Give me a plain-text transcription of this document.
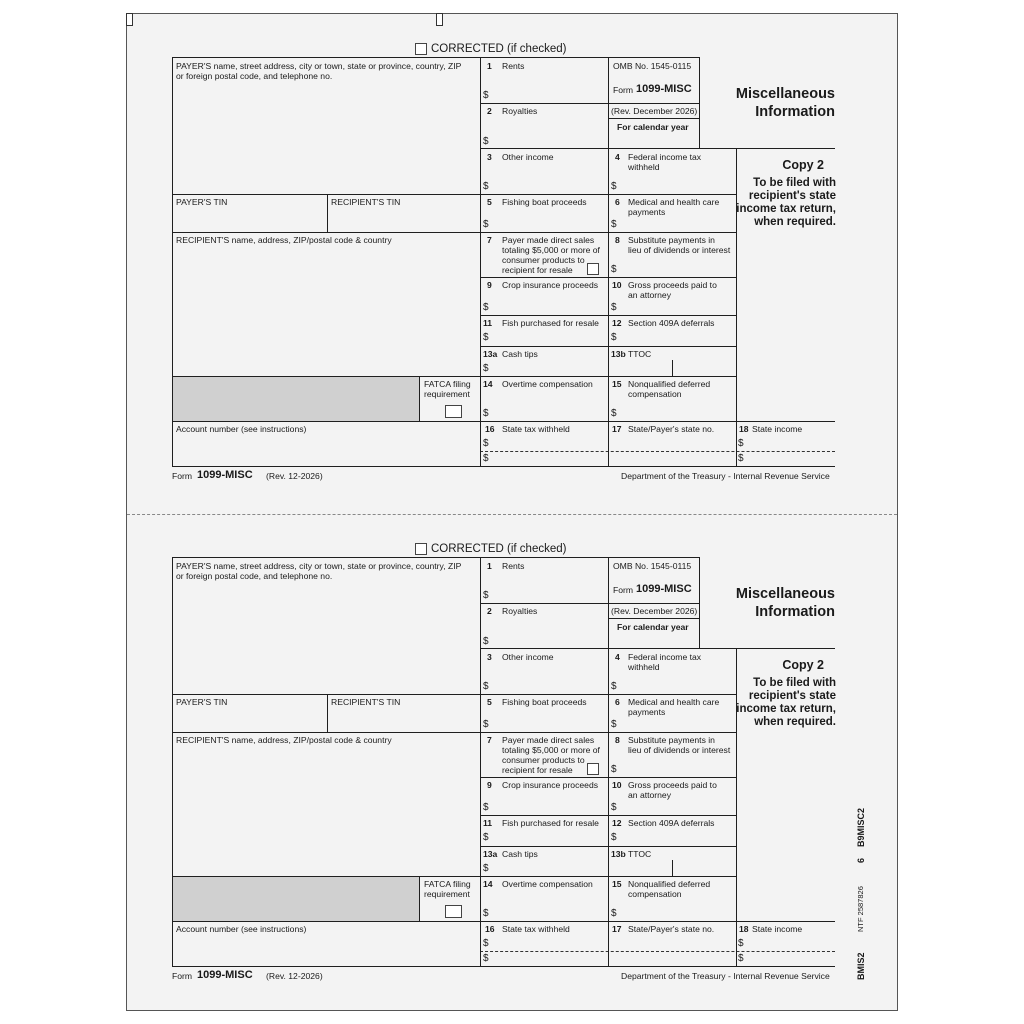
CORRECTED (if checked)
PAYER'S name, street address, city or town, state or province, country, ZIP
or foreign postal code, and telephone no.
PAYER'S TIN	RECIPIENT'S TIN
RECIPIENT'S name, address, ZIP/postal code & country
FATCA filing
requirement
Account number (see instructions)
1 Rents
$
2 Royalties
$
3 Other income
$
OMB No. 1545-0115
Form 1099-MISC
(Rev. December 2026)
For calendar year
Miscellaneous
Information
Copy 2
To be filed with
recipient's state
income tax return,
when required.
4 Federal income tax
withheld
$
5 Fishing boat proceeds
$
6 Medical and health care
payments
$
7 Payer made direct sales
totaling $5,000 or more of
consumer products to
recipient for resale
8 Substitute payments in
lieu of dividends or interest
$
9 Crop insurance proceeds
$
10 Gross proceeds paid to
an attorney
$
11 Fish purchased for resale
$
12 Section 409A deferrals
$
13a Cash tips
$
13b TTOC
14 Overtime compensation
$
15 Nonqualified deferred
compensation
$
16 State tax withheld
$
$
17 State/Payer's state no.	18 State income
$
$
Form 1099-MISC (Rev. 12-2026)	Department of the Treasury - Internal Revenue Service
CORRECTED (if checked)
PAYER'S name, street address, city or town, state or province, country, ZIP
or foreign postal code, and telephone no.
PAYER'S TIN	RECIPIENT'S TIN
RECIPIENT'S name, address, ZIP/postal code & country
FATCA filing
requirement
Account number (see instructions)
1 Rents
$
2 Royalties
$
3 Other income
$
OMB No. 1545-0115
Form 1099-MISC
(Rev. December 2026)
For calendar year
Miscellaneous
Information
Copy 2
To be filed with
recipient's state
income tax return,
when required.
4 Federal income tax
withheld
$
5 Fishing boat proceeds
$
6 Medical and health care
payments
$
7 Payer made direct sales
totaling $5,000 or more of
consumer products to
recipient for resale
8 Substitute payments in
lieu of dividends or interest
$
9 Crop insurance proceeds
$
10 Gross proceeds paid to
an attorney
$
11 Fish purchased for resale
$
12 Section 409A deferrals
$
13a Cash tips
$
13b TTOC
14 Overtime compensation
$
15 Nonqualified deferred
compensation
$
16 State tax withheld
$
$
17 State/Payer's state no.	18 State income
$
$
Form 1099-MISC (Rev. 12-2026)	Department of the Treasury - Internal Revenue Service
B9MISC2
6
NTF 2587826
BMIS2
